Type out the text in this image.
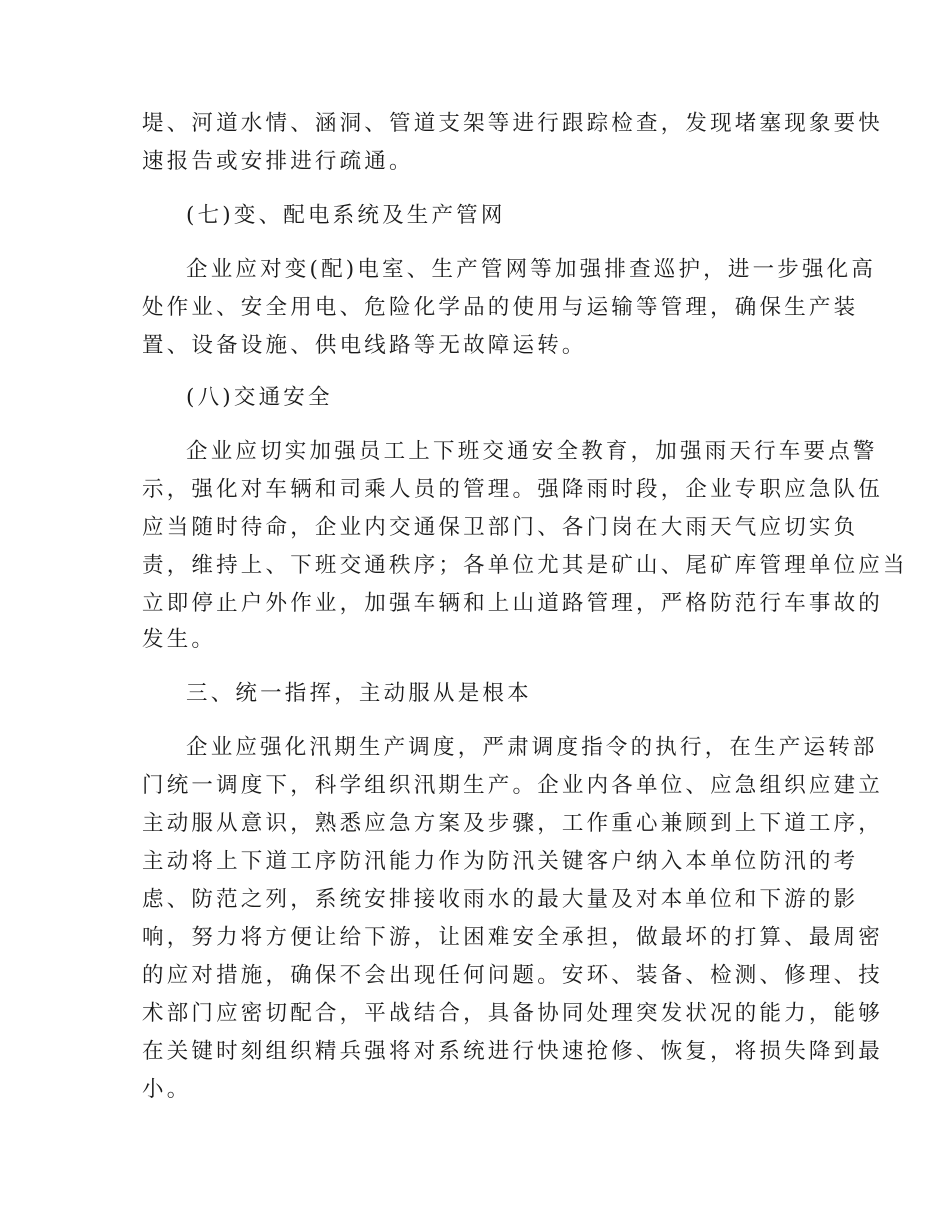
堤、河道水情、涵洞、管道支架等进行跟踪检查，发现堵塞现象要快
速报告或安排进行疏通。
(七)变、配电系统及生产管网
企业应对变(配)电室、生产管网等加强排查巡护，进一步强化高
处作业、安全用电、危险化学品的使用与运输等管理，确保生产装
置、设备设施、供电线路等无故障运转。
(八)交通安全
企业应切实加强员工上下班交通安全教育，加强雨天行车要点警
示，强化对车辆和司乘人员的管理。强降雨时段，企业专职应急队伍
应当随时待命，企业内交通保卫部门、各门岗在大雨天气应切实负
责，维持上、下班交通秩序；各单位尤其是矿山、尾矿库管理单位应当
立即停止户外作业，加强车辆和上山道路管理，严格防范行车事故的
发生。
三、统一指挥，主动服从是根本
企业应强化汛期生产调度，严肃调度指令的执行，在生产运转部
门统一调度下，科学组织汛期生产。企业内各单位、应急组织应建立
主动服从意识，熟悉应急方案及步骤，工作重心兼顾到上下道工序，
主动将上下道工序防汛能力作为防汛关键客户纳入本单位防汛的考
虑、防范之列，系统安排接收雨水的最大量及对本单位和下游的影
响，努力将方便让给下游，让困难安全承担，做最坏的打算、最周密
的应对措施，确保不会出现任何问题。安环、装备、检测、修理、技
术部门应密切配合，平战结合，具备协同处理突发状况的能力，能够
在关键时刻组织精兵强将对系统进行快速抢修、恢复，将损失降到最
小。
